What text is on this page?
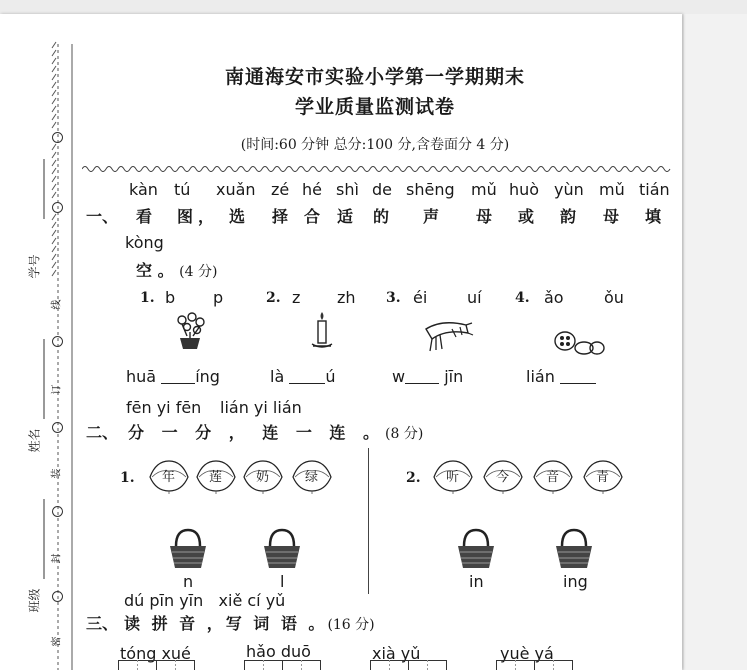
线
订
装
封
密
学号
姓名
班级
南通海安市实验小学第一学期期末
学业质量监测试卷
(时间:60 分钟 总分:100 分,含卷面分 4 分)
kàn tú xuǎn zé hé shì de shēng mǔ huò yùn mǔ tián
一、 看 图 ， 选 择 合 适 的 声 母 或 韵 母 填
kòng
空 。 (4 分)
1. b p	2. z zh 3. éi uí 4. ǎo	ǒu
huā íng	là	ú	w jīn	lián
fēn yi fēn lián yi lián
二、 分 一 分 ， 连 一 连 。(8 分)
1.	2.
年	莲	奶	绿	听	今	音	青
n	l	in	ing
dú pīn yīn   xiě cí yǔ
三、 读 拼 音 ，写 词 语 。(16 分)
tóng xué	hǎo duō	xià yǔ	yuè yá
